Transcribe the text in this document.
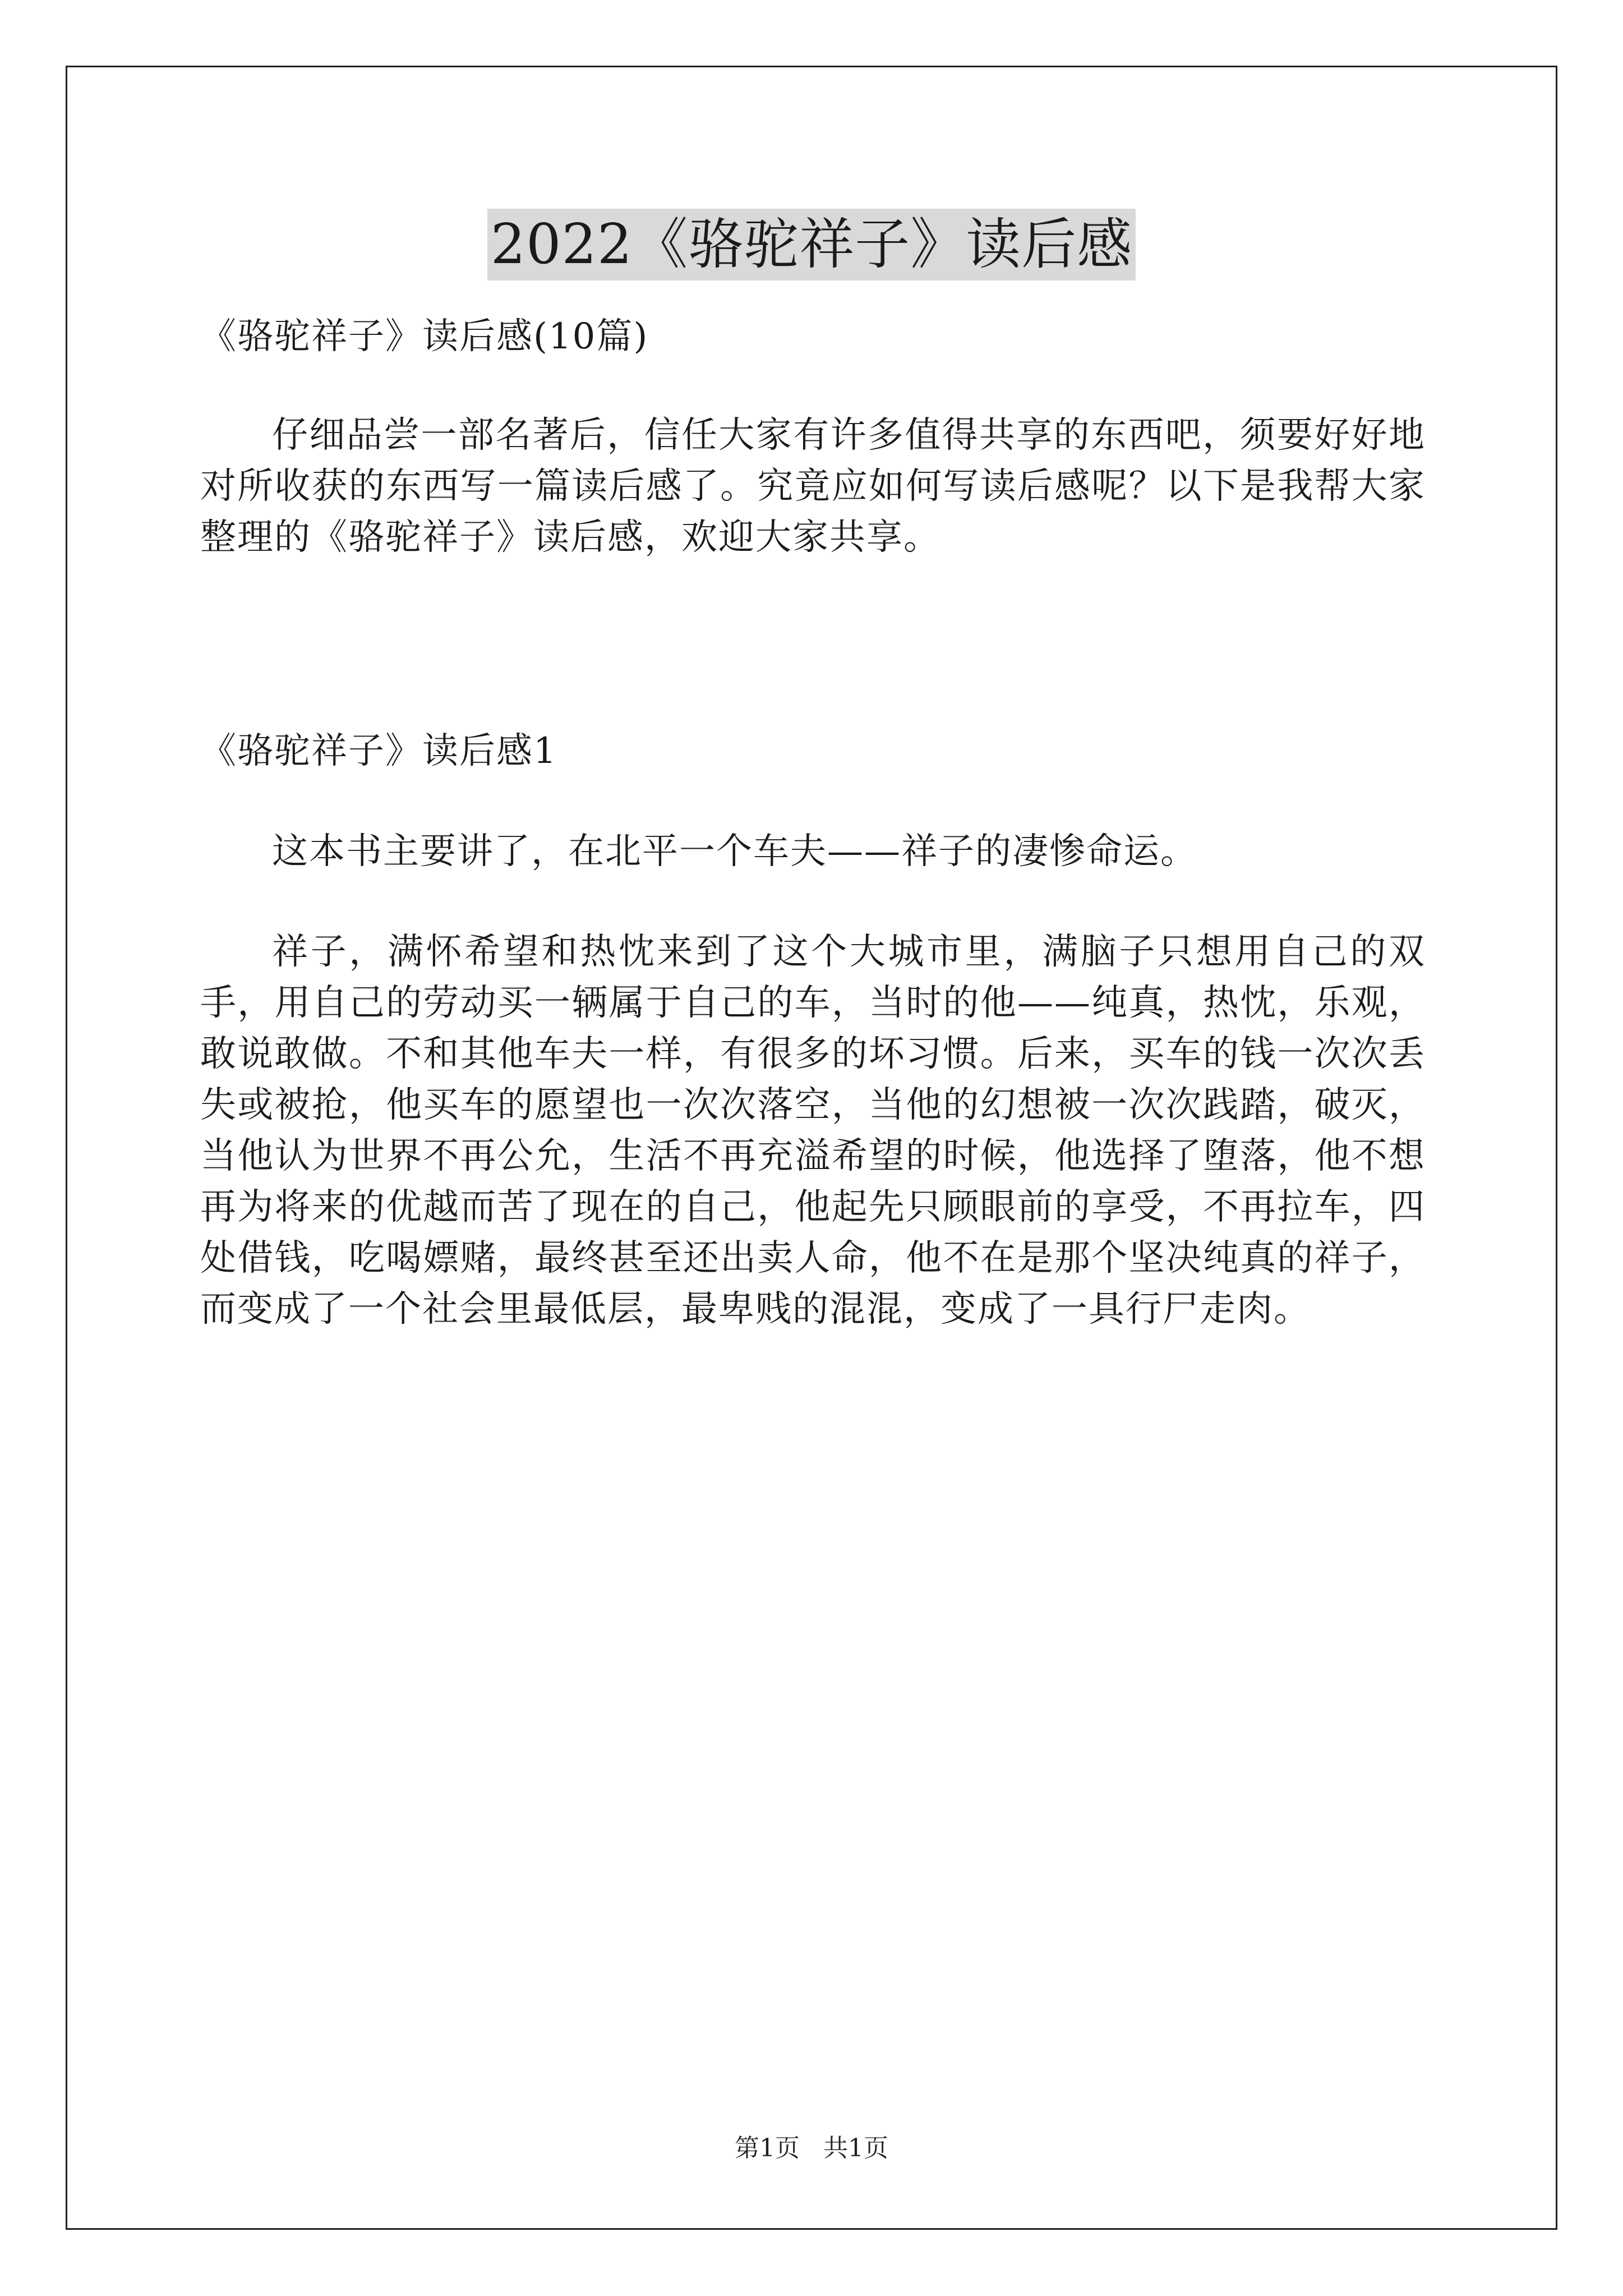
2022《骆驼祥子》读后感

《骆驼祥子》读后感(10篇)

仔细品尝一部名著后，信任大家有许多值得共享的东西吧，须要好好地对所收获的东西写一篇读后感了。究竟应如何写读后感呢？以下是我帮大家整理的《骆驼祥子》读后感，欢迎大家共享。

《骆驼祥子》读后感1

这本书主要讲了，在北平一个车夫——祥子的凄惨命运。

祥子，满怀希望和热忱来到了这个大城市里，满脑子只想用自己的双手，用自己的劳动买一辆属于自己的车，当时的他——纯真，热忱，乐观，敢说敢做。不和其他车夫一样，有很多的坏习惯。后来，买车的钱一次次丢失或被抢，他买车的愿望也一次次落空，当他的幻想被一次次践踏，破灭，当他认为世界不再公允，生活不再充溢希望的时候，他选择了堕落，他不想再为将来的优越而苦了现在的自己，他起先只顾眼前的享受，不再拉车，四处借钱，吃喝嫖赌，最终甚至还出卖人命，他不在是那个坚决纯真的祥子，而变成了一个社会里最低层，最卑贱的混混，变成了一具行尸走肉。

第1页 共1页
